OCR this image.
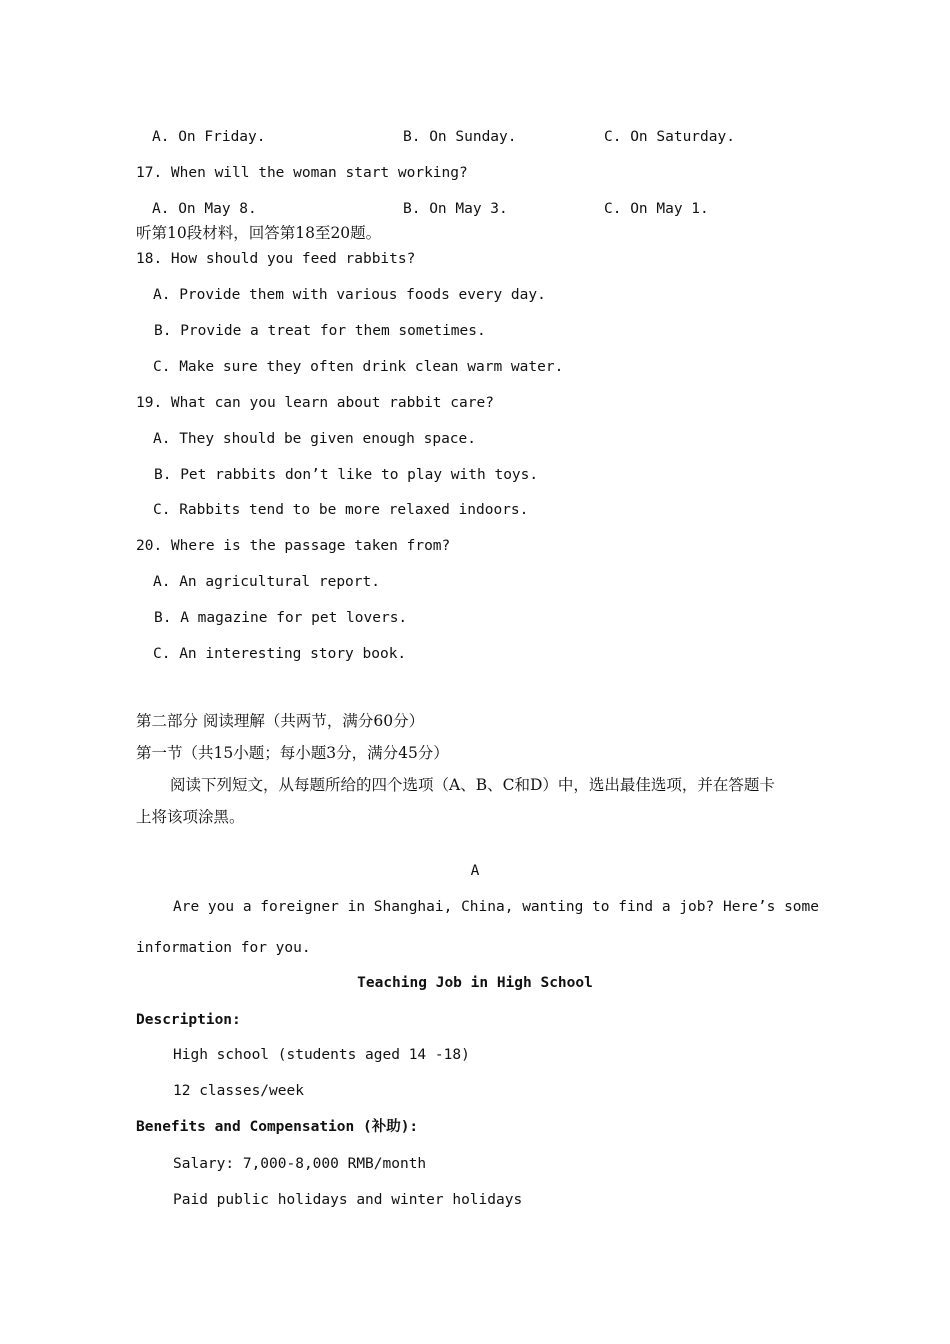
A. On Friday.	B. On Sunday.	C. On Saturday.
17. When will the woman start working?
A. On May 8.	B. On May 3.	C. On May 1.
听第10段材料，回答第18至20题。
18. How should you feed rabbits?
A. Provide them with various foods every day.
B. Provide a treat for them sometimes.
C. Make sure they often drink clean warm water.
19. What can you learn about rabbit care?
A. They should be given enough space.
B. Pet rabbits don’t like to play with toys.
C. Rabbits tend to be more relaxed indoors.
20. Where is the passage taken from?
A. An agricultural report.
B. A magazine for pet lovers.
C. An interesting story book.
第二部分 阅读理解（共两节，满分60分）
第一节（共15小题；每小题3分，满分45分）
阅读下列短文，从每题所给的四个选项（A、B、C和D）中，选出最佳选项，并在答题卡
上将该项涂黑。
A
Are you a foreigner in Shanghai, China, wanting to find a job? Here’s some
information for you.
Teaching Job in High School
Description:
High school (students aged 14 -18)
12 classes/week
Benefits and Compensation (补助):
Salary: 7,000-8,000 RMB/month
Paid public holidays and winter holidays
